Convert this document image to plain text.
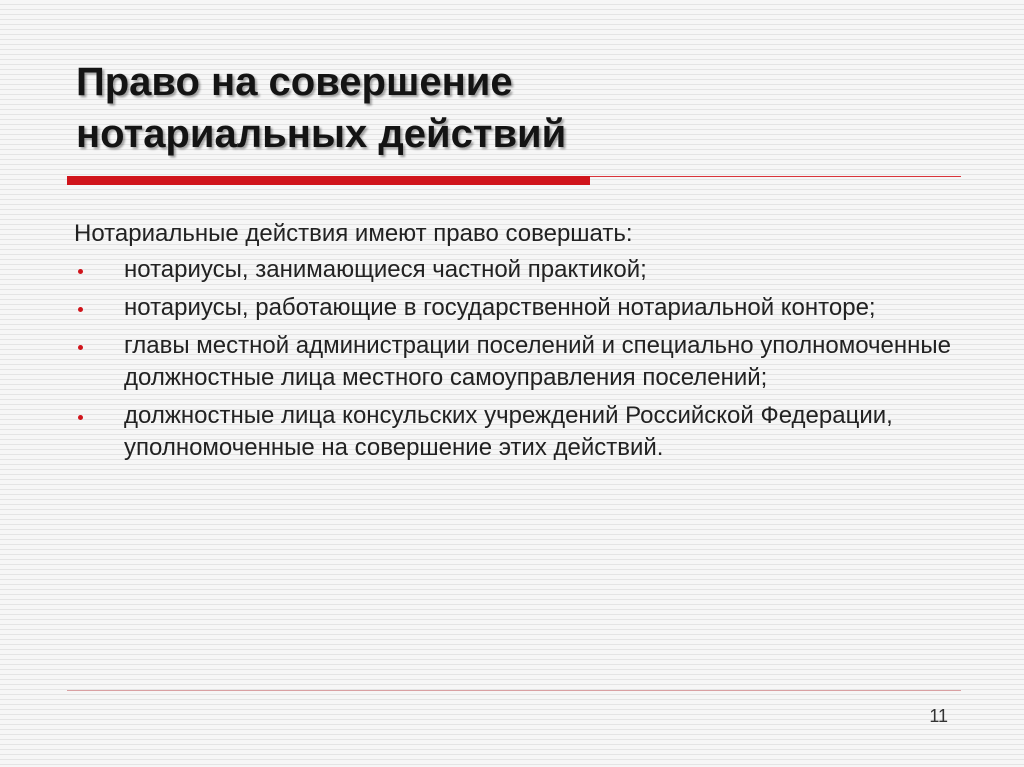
Право на совершение
нотариальных действий

Нотариальные действия имеют право совершать:

нотариусы, занимающиеся частной практикой;
нотариусы, работающие в государственной нотариальной конторе;
главы местной администрации поселений и специально уполномоченные должностные лица местного самоуправления поселений;
должностные лица консульских учреждений Российской Федерации, уполномоченные на совершение этих действий.
11
